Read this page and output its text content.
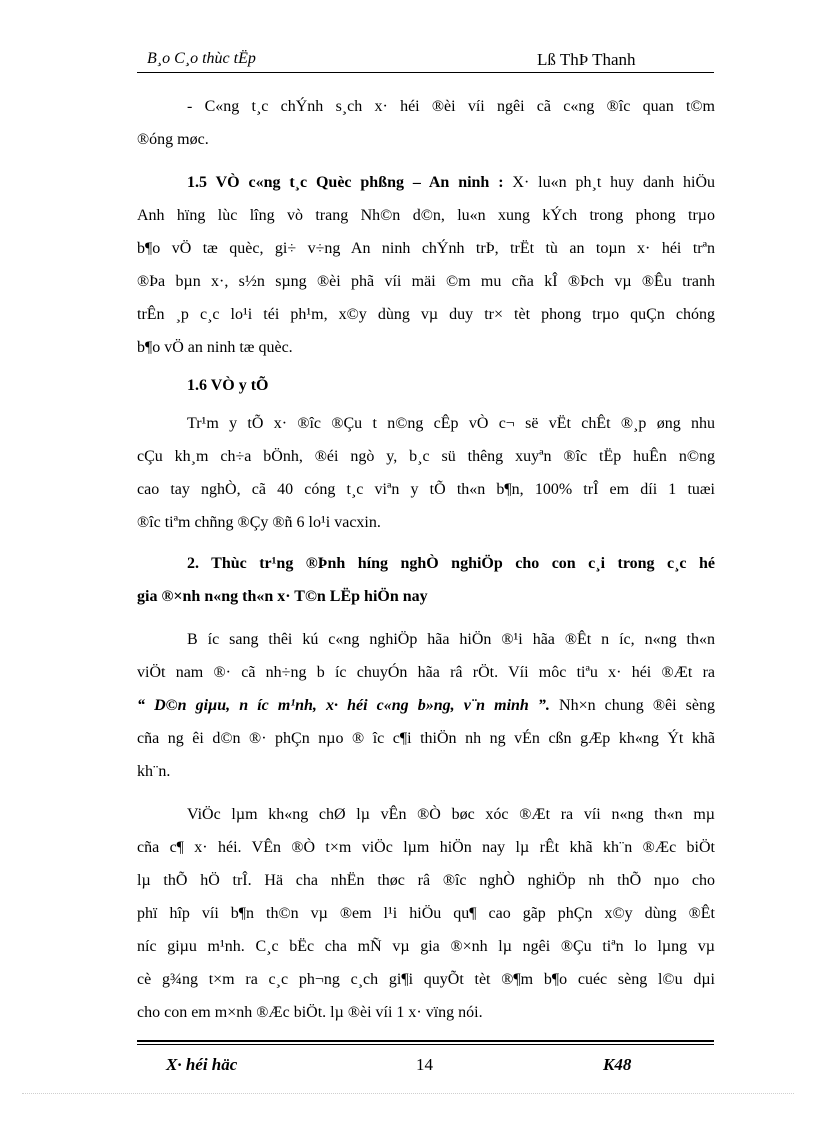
B¸o C¸o thùc tËp	Lß ThÞ Thanh
- C«ng t¸c chÝnh s¸ch x· héi ®èi víi ngêi cã c«ng ®îc quan t©m
®óng møc.
1.5 VÒ c«ng t¸c Quèc phßng – An ninh : X· lu«n ph¸t huy danh hiÖu
Anh hïng lùc lîng vò trang Nh©n d©n, lu«n xung kÝch trong phong trµo
b¶o vÖ tæ quèc, gi÷ v÷ng An ninh chÝnh trÞ, trËt tù an toµn x· héi trªn
®Þa bµn x·, s½n sµng ®èi phã víi mäi ©m mu cña kÎ ®Þch vµ ®Êu tranh
trÊn ¸p c¸c lo¹i téi ph¹m, x©y dùng vµ duy tr× tèt phong trµo quÇn chóng
b¶o vÖ an ninh tæ quèc.
1.6 VÒ y tÕ
Tr¹m y tÕ x· ®îc ®Çu t n©ng cÊp vÒ c¬ së vËt chÊt ®¸p øng nhu
cÇu kh¸m ch÷a bÖnh, ®éi ngò y, b¸c sü thêng xuyªn ®îc tËp huÊn n©ng
cao tay nghÒ, cã 40 cóng t¸c viªn y tÕ th«n b¶n, 100% trÎ em díi 1 tuæi
®îc tiªm chñng ®Çy ®ñ 6 lo¹i vacxin.
2. Thùc tr¹ng ®Þnh híng nghÒ nghiÖp cho con c¸i trong c¸c hé
gia ®×nh n«ng th«n x· T©n LËp hiÖn nay
B íc sang thêi kú c«ng nghiÖp hãa hiÖn ®¹i hãa ®Êt n íc, n«ng th«n
viÖt nam ®· cã nh÷ng b íc chuyÓn hãa râ rÖt. Víi môc tiªu x· héi ®Æt ra
“ D©n giµu, n íc m¹nh, x· héi c«ng b»ng, v¨n minh ”. Nh×n chung ®êi sèng
cña ng êi d©n ®· phÇn nµo ® îc c¶i thiÖn nh ng vÉn cßn gÆp kh«ng Ýt khã
kh¨n.
ViÖc lµm kh«ng chØ lµ vÊn ®Ò bøc xóc ®Æt ra víi n«ng th«n mµ
cña c¶ x· héi. VÊn ®Ò t×m viÖc lµm hiÖn nay lµ rÊt khã kh¨n ®Æc biÖt
lµ thÕ hÖ trÎ. Hä cha nhËn thøc râ ®îc nghÒ nghiÖp nh thÕ nµo cho
phï hîp víi b¶n th©n vµ ®em l¹i hiÖu qu¶ cao gãp phÇn x©y dùng ®Êt
níc giµu m¹nh. C¸c bËc cha mÑ vµ gia ®×nh lµ ngêi ®Çu tiªn lo lµng vµ
cè g¾ng t×m ra c¸c ph¬ng c¸ch gi¶i quyÕt tèt ®¶m b¶o cuéc sèng l©u dµi
cho con em m×nh ®Æc biÖt. lµ ®èi víi 1 x· vïng nói.
X· héi häc	14	K48
